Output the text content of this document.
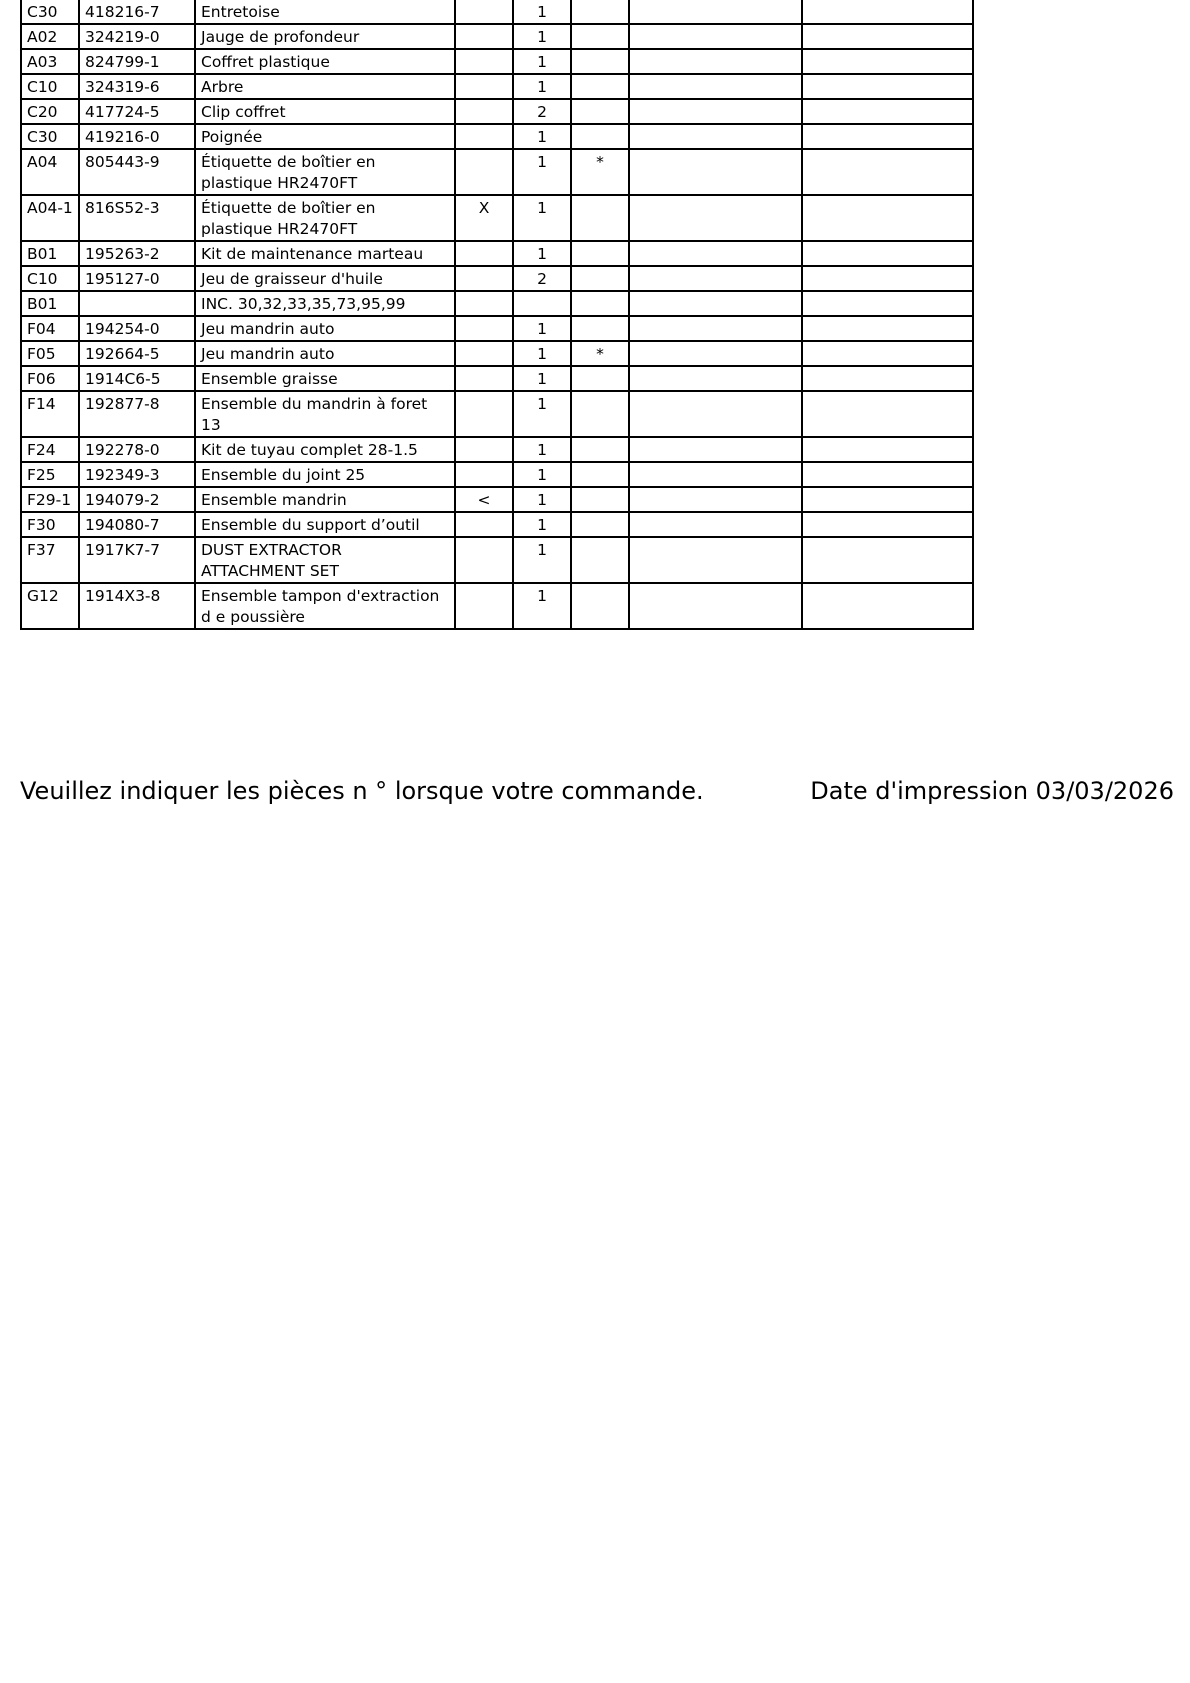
C30	418216-7	Entretoise		1			
A02	324219-0	Jauge de profondeur		1			
A03	824799-1	Coffret plastique		1			
C10	324319-6	Arbre		1			
C20	417724-5	Clip coffret		2			
C30	419216-0	Poignée		1			
A04	805443-9	Étiquette de boîtier en plastique HR2470FT		1	*		
A04-1	816S52-3	Étiquette de boîtier en plastique HR2470FT	X	1			
B01	195263-2	Kit de maintenance marteau		1			
C10	195127-0	Jeu de graisseur d'huile		2			
B01		INC. 30,32,33,35,73,95,99					
F04	194254-0	Jeu mandrin auto		1			
F05	192664-5	Jeu mandrin auto		1	*		
F06	1914C6-5	Ensemble graisse		1			
F14	192877-8	Ensemble du mandrin à foret 13		1			
F24	192278-0	Kit de tuyau complet 28-1.5		1			
F25	192349-3	Ensemble du joint 25		1			
F29-1	194079-2	Ensemble mandrin	<	1			
F30	194080-7	Ensemble du support d’outil		1			
F37	1917K7-7	DUST EXTRACTOR ATTACHMENT SET		1			
G12	1914X3-8	Ensemble tampon d'extraction d e poussière		1			
Veuillez indiquer les pièces n ° lorsque votre commande.	Date d'impression 03/03/2026
